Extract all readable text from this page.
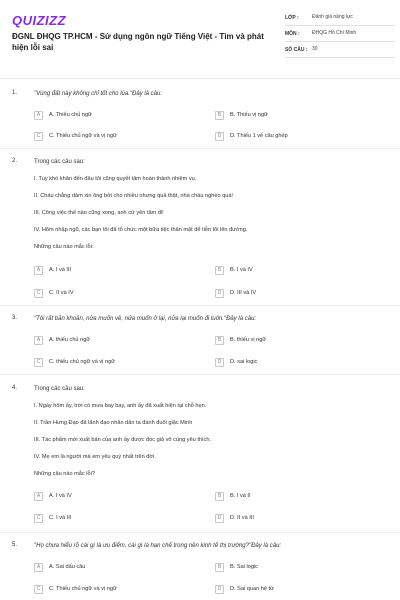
QUIZIZZ
ĐGNL ĐHQG TP.HCM - Sử dụng ngôn ngữ Tiếng Việt - Tìm và phát hiện lỗi sai
LỚP :	Đánh giá năng lực
MÔN :	ĐHQG Hồ Chí Minh
SỐ CÂU : 30
1.	"Vùng đất này không chỉ tốt cho lúa."Đây là câu:
A	A. Thiếu chủ ngữ	B	B. Thiếu vị ngữ
C	C. Thiếu chủ ngữ và vị ngữ	D	D. Thiếu 1 vế câu ghép
2.	Trong các câu sau:
I. Tuy khó khăn đến đâu tôi cũng quyết tâm hoàn thành nhiệm vụ.
II. Cháu chẳng dám xin ông bởi cho nhiều nhưng quả thật, nhà cháu nghèo quá!
III. Công việc thế nào cũng xong, anh cứ yên tâm đi!
IV. Hôm nhập ngũ, các bạn tôi đã tổ chức một bữa tiệc thân mật để tiễn tôi lên đường.
Những câu nào mắc lỗi:
A	A. I và III	B	B. I và IV
C	C. II và IV	D	D. III và IV
3.	"Tôi rất băn khoăn, nửa muốn về, nửa muốn ở lại, nửa lại muốn đi luôn."Đây là câu:
A	A. thiếu chủ ngữ	B	B. thiếu vị ngữ
C	C. thiếu chủ ngữ và vị ngữ	D	D. sai logic
4.	Trong các câu sau:
I. Ngày hôm ấy, trời có mưa bay bay, anh ấy đã xuất hiện tại chỗ hẹn.
II. Trần Hưng Đạo đã lãnh đạo nhân dân ta đánh đuổi giặc Minh
III. Tác phẩm mới xuất bản của anh ấy được đọc giả vô cùng yêu thích.
IV. Mẹ em là người mà em yêu quý nhất trên đời.
Những câu nào mắc lỗi?
A	A. I và IV	B	B. I và II
C	C. I và III	D	D. II và III
5.	"Họ chưa hiểu rõ cái gì là ưu điểm, cái gì là hạn chế trong nền kinh tế thị trường?"Đây là câu:
A	A. Sai dấu câu	B	B. Sai logic
C	C. Thiếu chủ ngữ và vị ngữ	D	D. Sai quan hệ từ
